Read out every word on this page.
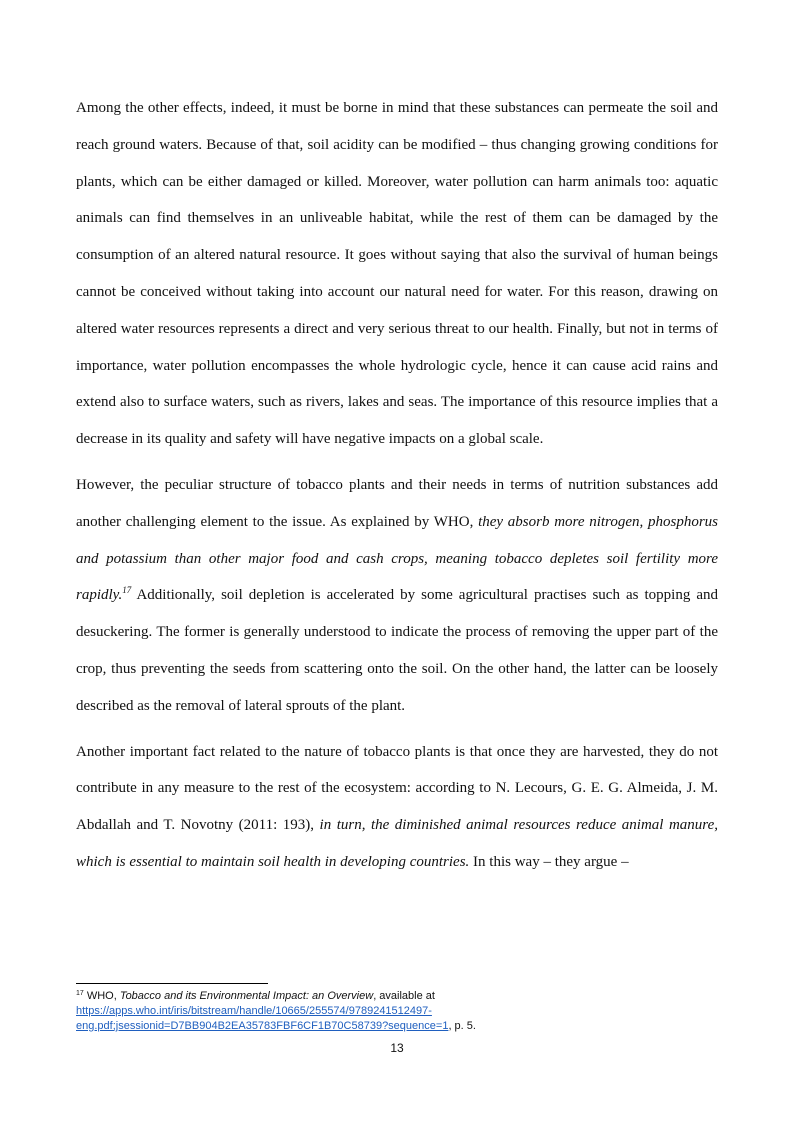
Among the other effects, indeed, it must be borne in mind that these substances can permeate the soil and reach ground waters. Because of that, soil acidity can be modified – thus changing growing conditions for plants, which can be either damaged or killed. Moreover, water pollution can harm animals too: aquatic animals can find themselves in an unliveable habitat, while the rest of them can be damaged by the consumption of an altered natural resource. It goes without saying that also the survival of human beings cannot be conceived without taking into account our natural need for water. For this reason, drawing on altered water resources represents a direct and very serious threat to our health. Finally, but not in terms of importance, water pollution encompasses the whole hydrologic cycle, hence it can cause acid rains and extend also to surface waters, such as rivers, lakes and seas. The importance of this resource implies that a decrease in its quality and safety will have negative impacts on a global scale.

However, the peculiar structure of tobacco plants and their needs in terms of nutrition substances add another challenging element to the issue. As explained by WHO, they absorb more nitrogen, phosphorus and potassium than other major food and cash crops, meaning tobacco depletes soil fertility more rapidly.$^{17}$ Additionally, soil depletion is accelerated by some agricultural practises such as topping and desuckering. The former is generally understood to indicate the process of removing the upper part of the crop, thus preventing the seeds from scattering onto the soil. On the other hand, the latter can be loosely described as the removal of lateral sprouts of the plant.

Another important fact related to the nature of tobacco plants is that once they are harvested, they do not contribute in any measure to the rest of the ecosystem: according to N. Lecours, G. E. G. Almeida, J. M. Abdallah and T. Novotny (2011: 193), in turn, the diminished animal resources reduce animal manure, which is essential to maintain soil health in developing countries. In this way – they argue –

$^{17}$ WHO, Tobacco and its Environmental Impact: an Overview, available at
https://apps.who.int/iris/bitstream/handle/10665/255574/9789241512497-
eng.pdf;jsessionid=D7BB904B2EA35783FBF6CF1B70C58739?sequence=1, p. 5.
13
